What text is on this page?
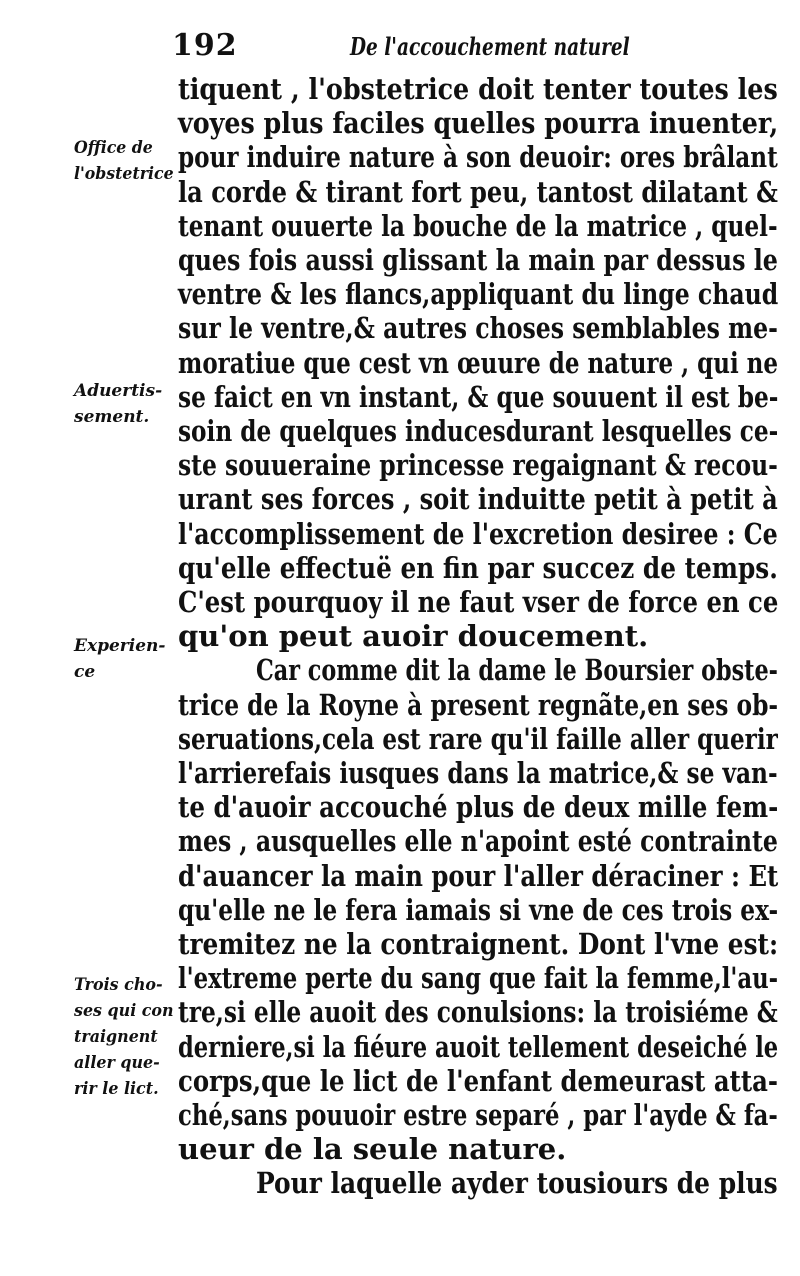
192	De l'accouchement naturel
Office de
l'obstetrice
Aduertis-
sement.
Experien-
ce
Trois cho-
ses qui con
traignent
aller que-
rir le lict.
tiquent , l'obstetrice doit tenter toutes les
voyes plus faciles quelles pourra inuenter,
pour induire nature à son deuoir: ores brâlant
la corde & tirant fort peu, tantost dilatant &
tenant ouuerte la bouche de la matrice , quel-
ques fois aussi glissant la main par dessus le
ventre & les flancs,appliquant du linge chaud
sur le ventre,& autres choses semblables me-
moratiue que cest vn œuure de nature , qui ne
se faict en vn instant, & que souuent il est be-
soin de quelques inducesdurant lesquelles ce-
ste souueraine princesse regaignant & recou-
urant ses forces , soit induitte petit à petit à
l'accomplissement de l'excretion desiree : Ce
qu'elle effectuë en fin par succez de temps.
C'est pourquoy il ne faut vser de force en ce
qu'on peut auoir doucement.
Car comme dit la dame le Boursier obste-
trice de la Royne à present regnãte,en ses ob-
seruations,cela est rare qu'il faille aller querir
l'arrierefais iusques dans la matrice,& se van-
te d'auoir accouché plus de deux mille fem-
mes , ausquelles elle n'apoint esté contrainte
d'auancer la main pour l'aller déraciner : Et
qu'elle ne le fera iamais si vne de ces trois ex-
tremitez ne la contraignent. Dont l'vne est:
l'extreme perte du sang que fait la femme,l'au-
tre,si elle auoit des conulsions: la troisiéme &
derniere,si la fiéure auoit tellement deseiché le
corps,que le lict de l'enfant demeurast atta-
ché,sans pouuoir estre separé , par l'ayde & fa-
ueur de la seule nature.
Pour laquelle ayder tousiours de plus
